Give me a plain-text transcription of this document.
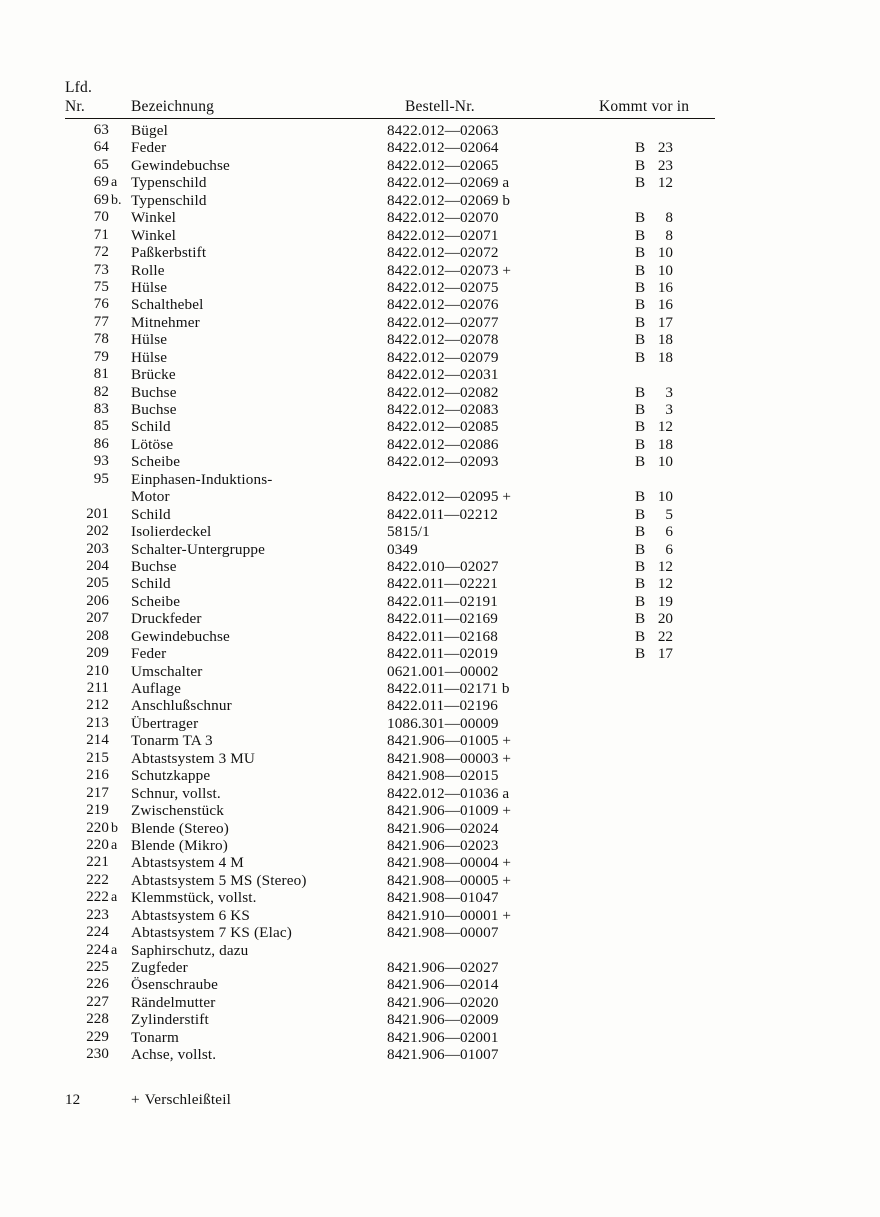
Lfd.
Nr.	Bezeichnung	Bestell-Nr.	Kommt vor in
63 Bügel	8422.012—02063
64 Feder	8422.012—02064	B 23
65 Gewindebuchse	8422.012—02065	B 23
69 a Typenschild	8422.012—02069 a	B 12
69 b. Typenschild	8422.012—02069 b
70 Winkel	8422.012—02070	B	8
71 Winkel	8422.012—02071	B	8
72 Paßkerbstift	8422.012—02072	B 10
73 Rolle	8422.012—02073 +	B 10
75 Hülse	8422.012—02075	B 16
76 Schalthebel	8422.012—02076	B 16
77 Mitnehmer	8422.012—02077	B 17
78 Hülse	8422.012—02078	B 18
79 Hülse	8422.012—02079	B 18
81 Brücke	8422.012—02031
82 Buchse	8422.012—02082	B	3
83 Buchse	8422.012—02083	B	3
85 Schild	8422.012—02085	B 12
86 Lötöse	8422.012—02086	B 18
93 Scheibe	8422.012—02093	B 10
95 Einphasen-Induktions-
Motor	8422.012—02095 +	B 10
201 Schild	8422.011—02212	B	5
202 Isolierdeckel	5815/1	B	6
203 Schalter-Untergruppe	0349	B	6
204 Buchse	8422.010—02027	B 12
205 Schild	8422.011—02221	B 12
206 Scheibe	8422.011—02191	B 19
207 Druckfeder	8422.011—02169	B 20
208 Gewindebuchse	8422.011—02168	B 22
209 Feder	8422.011—02019	B 17
210 Umschalter	0621.001—00002
211 Auflage	8422.011—02171 b
212 Anschlußschnur	8422.011—02196
213 Übertrager	1086.301—00009
214 Tonarm TA 3	8421.906—01005 +
215 Abtastsystem 3 MU	8421.908—00003 +
216 Schutzkappe	8421.908—02015
217 Schnur, vollst.	8422.012—01036 a
219 Zwischenstück	8421.906—01009 +
220 b Blende (Stereo)	8421.906—02024
220 a Blende (Mikro)	8421.906—02023
221 Abtastsystem 4 M	8421.908—00004 +
222 Abtastsystem 5 MS (Stereo)	8421.908—00005 +
222 a Klemmstück, vollst.	8421.908—01047
223 Abtastsystem 6 KS	8421.910—00001 +
224 Abtastsystem 7 KS (Elac)	8421.908—00007
224 a Saphirschutz, dazu
225 Zugfeder	8421.906—02027
226 Ösenschraube	8421.906—02014
227 Rändelmutter	8421.906—02020
228 Zylinderstift	8421.906—02009
229 Tonarm	8421.906—02001
230 Achse, vollst.	8421.906—01007
12	+ Verschleißteil
